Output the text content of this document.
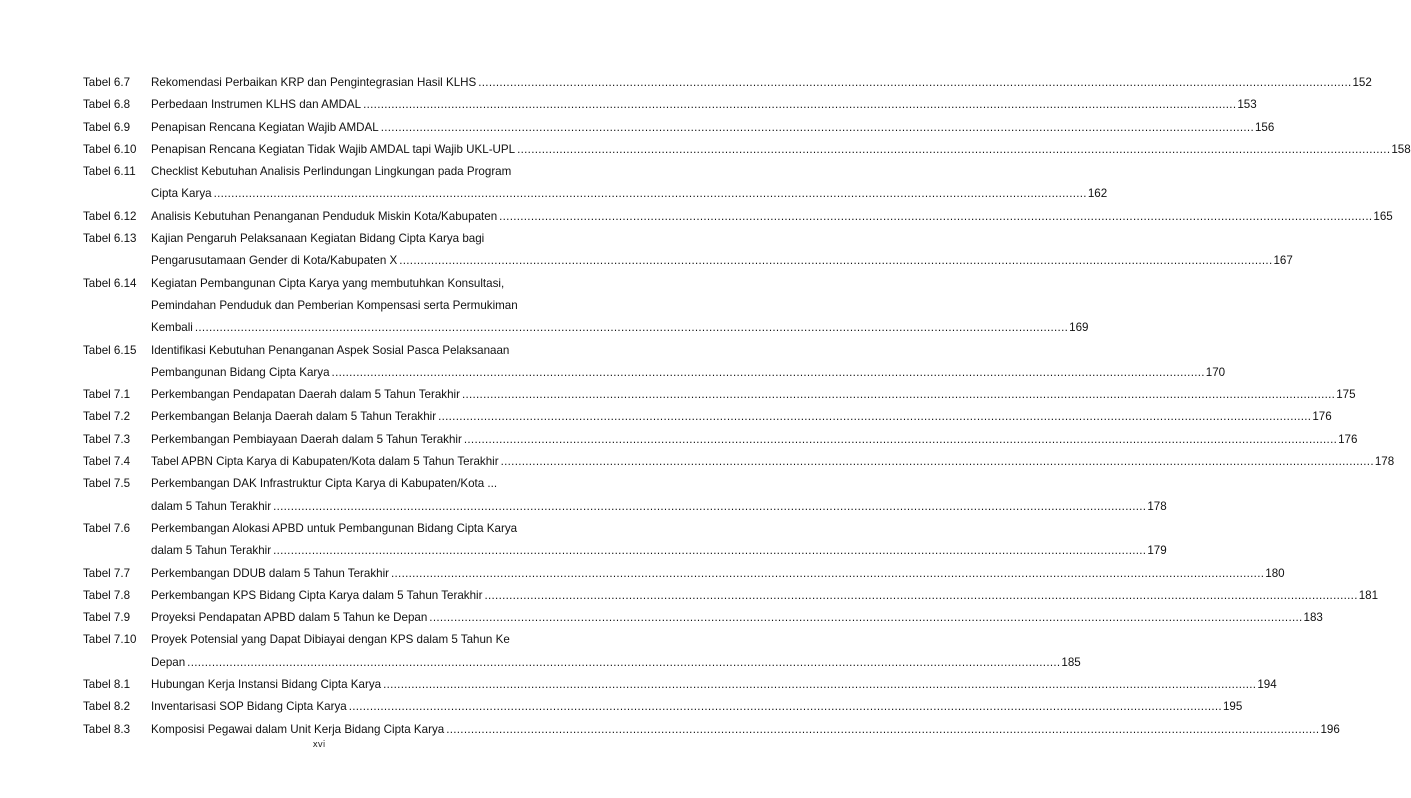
Tabel 6.7	Rekomendasi Perbaikan KRP dan Pengintegrasian Hasil KLHS .....	152
Tabel 6.8	Perbedaan Instrumen KLHS dan AMDAL .....	153
Tabel 6.9	Penapisan Rencana Kegiatan Wajib AMDAL .....	156
Tabel 6.10	Penapisan Rencana Kegiatan Tidak Wajib AMDAL tapi Wajib UKL-UPL .....	158
Tabel 6.11	Checklist Kebutuhan Analisis Perlindungan Lingkungan pada Program
Cipta Karya .....	162
Tabel 6.12	Analisis Kebutuhan Penanganan Penduduk Miskin Kota/Kabupaten .....	165
Tabel 6.13	Kajian Pengaruh Pelaksanaan Kegiatan Bidang Cipta Karya bagi
Pengarusutamaan Gender di Kota/Kabupaten X .....	167
Tabel 6.14	Kegiatan Pembangunan Cipta Karya yang membutuhkan Konsultasi,
Pemindahan Penduduk dan Pemberian Kompensasi serta Permukiman
Kembali .....	169
Tabel 6.15	Identifikasi Kebutuhan Penanganan Aspek Sosial Pasca Pelaksanaan
Pembangunan Bidang Cipta Karya .....	170
Tabel 7.1	Perkembangan Pendapatan Daerah dalam 5 Tahun Terakhir .....	175
Tabel 7.2	Perkembangan Belanja Daerah dalam 5 Tahun Terakhir .....	176
Tabel 7.3	Perkembangan Pembiayaan Daerah dalam 5 Tahun Terakhir .....	176
Tabel 7.4	Tabel APBN Cipta Karya di Kabupaten/Kota dalam 5 Tahun Terakhir .....	178
Tabel 7.5	Perkembangan DAK Infrastruktur Cipta Karya di Kabupaten/Kota ...
dalam 5 Tahun Terakhir .....	178
Tabel 7.6	Perkembangan Alokasi APBD untuk Pembangunan Bidang Cipta Karya
dalam 5 Tahun Terakhir .....	179
Tabel 7.7	Perkembangan DDUB dalam 5 Tahun Terakhir .....	180
Tabel 7.8	Perkembangan KPS Bidang Cipta Karya dalam 5 Tahun Terakhir .....	181
Tabel 7.9	Proyeksi Pendapatan APBD dalam 5 Tahun ke Depan .....	183
Tabel 7.10	Proyek Potensial yang Dapat Dibiayai dengan KPS dalam 5 Tahun Ke
Depan .....	185
Tabel 8.1	Hubungan Kerja Instansi Bidang Cipta Karya .....	194
Tabel 8.2	Inventarisasi SOP Bidang Cipta Karya .....	195
Tabel 8.3	Komposisi Pegawai dalam Unit Kerja Bidang Cipta Karya .....	196
xvi
